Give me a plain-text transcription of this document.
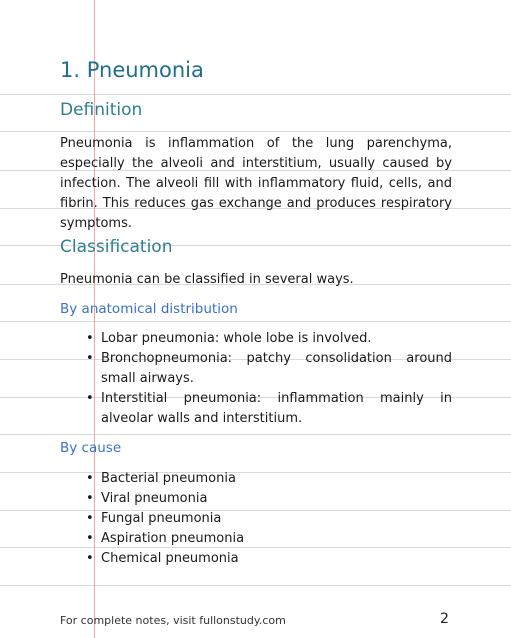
1. Pneumonia
Definition
Pneumonia is inflammation of the lung parenchyma, especially the alveoli and interstitium, usually caused by infection. The alveoli fill with inflammatory fluid, cells, and fibrin. This reduces gas exchange and produces respiratory symptoms.
Classification
Pneumonia can be classified in several ways.
By anatomical distribution
• Lobar pneumonia: whole lobe is involved.
• Bronchopneumonia: patchy consolidation around small airways.
• Interstitial pneumonia: inflammation mainly in alveolar walls and interstitium.
By cause
• Bacterial pneumonia
• Viral pneumonia
• Fungal pneumonia
• Aspiration pneumonia
• Chemical pneumonia
For complete notes, visit fullonstudy.com	2
